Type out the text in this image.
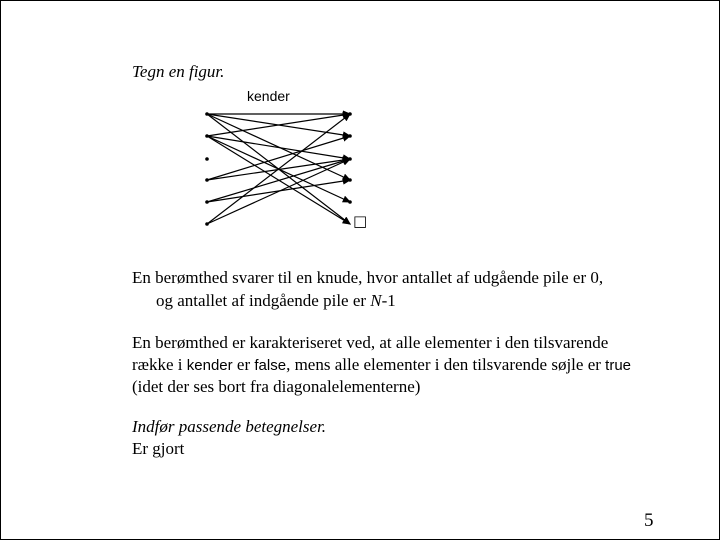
Tegn en figur.
kender
□
En berømthed svarer til en knude, hvor antallet af udgående pile er 0,
og antallet af indgående pile er N-1
En berømthed er karakteriseret ved, at alle elementer i den tilsvarende
række i kender er false, mens alle elementer i den tilsvarende søjle er true
(idet der ses bort fra diagonalelementerne)
Indfør passende betegnelser.
Er gjort
5
